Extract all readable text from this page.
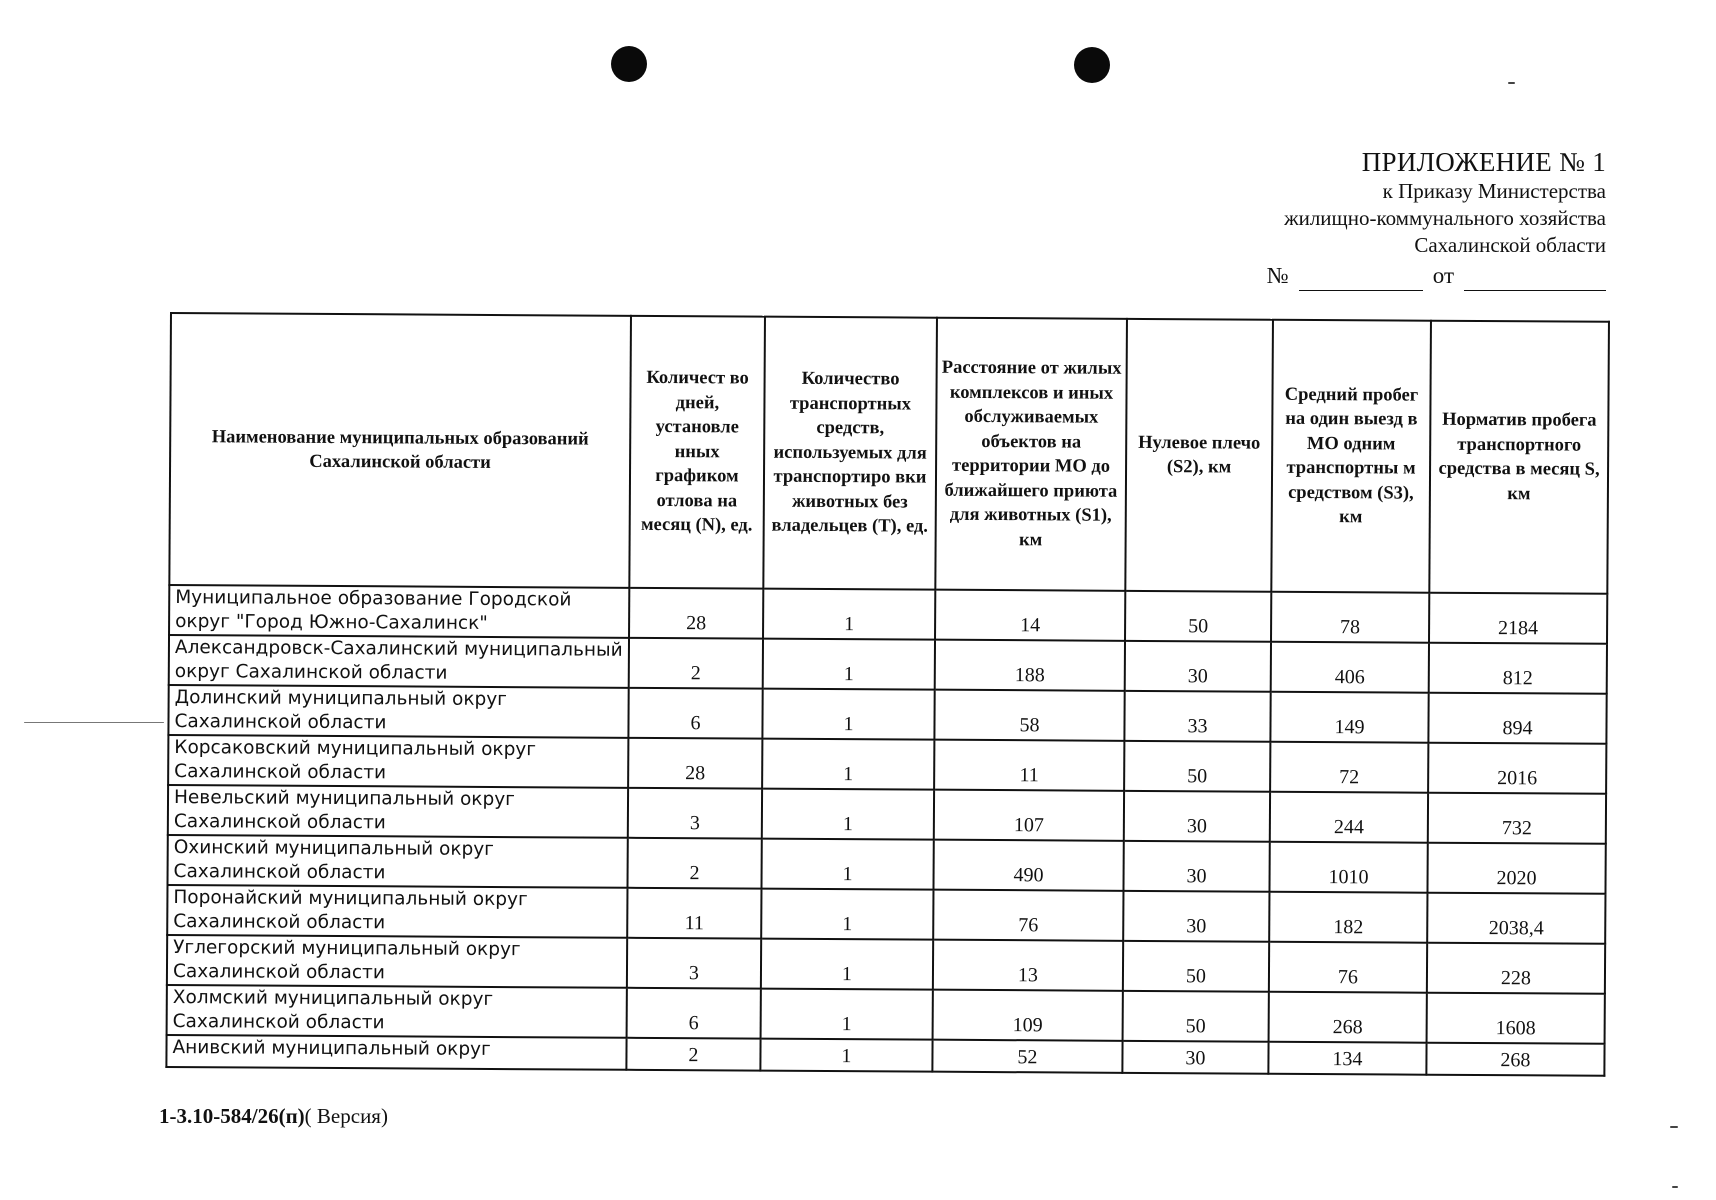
ПРИЛОЖЕНИЕ № 1
к Приказу Министерства
жилищно-коммунального хозяйства
Сахалинской области
№	от
Наименование муниципальных образований Сахалинской области	Количест во дней, установле нных графиком отлова на месяц (N), ед.	Количество транспортных средств, используемых для транспортиро вки животных без владельцев (Т), ед.	Расстояние от жилых комплексов и иных обслуживаемых объектов на территории МО до ближайшего приюта для животных (S1), км	Нулевое плечо (S2), км	Средний пробег на один выезд в МО одним транспортны м средством (S3), км	Норматив пробега транспортного средства в месяц S, км
Муниципальное образование Городской округ "Город Южно-Сахалинск"	28	1	14	50	78	2184
Александровск-Сахалинский муниципальный округ Сахалинской области	2	1	188	30	406	812
Долинский муниципальный округ Сахалинской области	6	1	58	33	149	894
Корсаковский муниципальный округ Сахалинской области	28	1	11	50	72	2016
Невельский муниципальный округ Сахалинской области	3	1	107	30	244	732
Охинский муниципальный округ Сахалинской области	2	1	490	30	1010	2020
Поронайский муниципальный округ Сахалинской области	11	1	76	30	182	2038,4
Углегорский муниципальный округ Сахалинской области	3	1	13	50	76	228
Холмский муниципальный округ Сахалинской области	6	1	109	50	268	1608
Анивский муниципальный округ	2	1	52	30	134	268
1-3.10-584/26(п)( Версия)
